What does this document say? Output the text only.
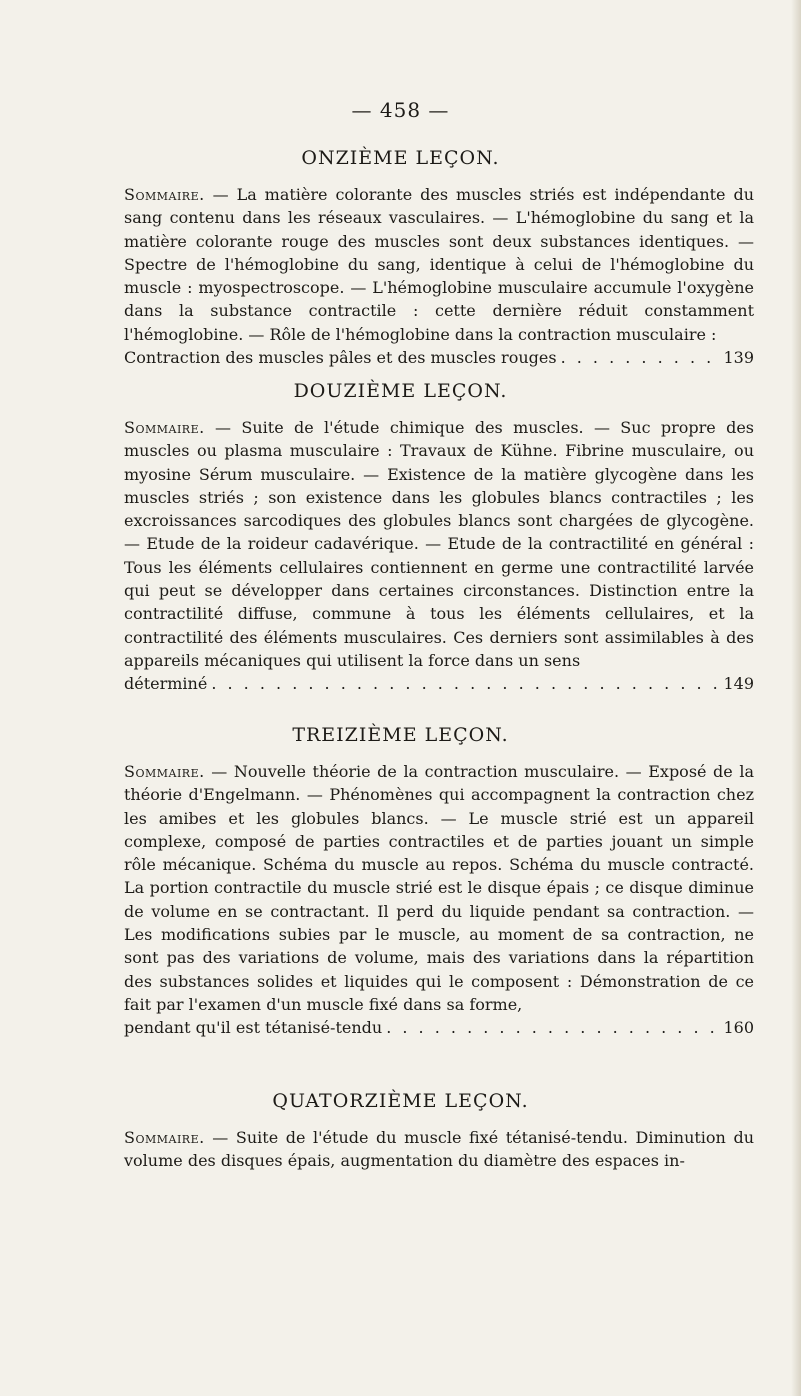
— 458 —
ONZIÈME LEÇON.
Sommaire. — La matière colorante des muscles striés est indépendante du sang contenu dans les réseaux vasculaires. — L'hémoglobine du sang et la matière colorante rouge des muscles sont deux substances identiques. — Spectre de l'hémoglobine du sang, identique à celui de l'hémoglobine du muscle : myospectroscope. — L'hémoglobine musculaire accumule l'oxygène dans la substance contractile : cette dernière réduit constamment l'hémoglobine. — Rôle de l'hémoglobine dans la contraction musculaire :
Contraction des muscles pâles et des muscles rouges . . .	139
DOUZIÈME LEÇON.
Sommaire. — Suite de l'étude chimique des muscles. — Suc propre des muscles ou plasma musculaire : Travaux de Kühne. Fibrine musculaire, ou myosine Sérum musculaire. — Existence de la matière glycogène dans les muscles striés ; son existence dans les globules blancs contractiles ; les excroissances sarcodiques des globules blancs sont chargées de glycogène. — Etude de la roideur cadavérique. — Etude de la contractilité en général : Tous les éléments cellulaires contiennent en germe une contractilité larvée qui peut se développer dans certaines circonstances. Distinction entre la contractilité diffuse, commune à tous les éléments cellulaires, et la contractilité des éléments musculaires. Ces derniers sont assimilables à des appareils mécaniques qui utilisent la force dans un sens
déterminé . . .	149
TREIZIÈME LEÇON.
Sommaire. — Nouvelle théorie de la contraction musculaire. — Exposé de la théorie d'Engelmann. — Phénomènes qui accompagnent la contraction chez les amibes et les globules blancs. — Le muscle strié est un appareil complexe, composé de parties contractiles et de parties jouant un simple rôle mécanique. Schéma du muscle au repos. Schéma du muscle contracté. La portion contractile du muscle strié est le disque épais ; ce disque diminue de volume en se contractant. Il perd du liquide pendant sa contraction. — Les modifications subies par le muscle, au moment de sa contraction, ne sont pas des variations de volume, mais des variations dans la répartition des substances solides et liquides qui le composent : Démonstration de ce fait par l'examen d'un muscle fixé dans sa forme,
pendant qu'il est tétanisé-tendu . . .	160
QUATORZIÈME LEÇON.
Sommaire. — Suite de l'étude du muscle fixé tétanisé-tendu. Diminution du volume des disques épais, augmentation du diamètre des espaces in-
